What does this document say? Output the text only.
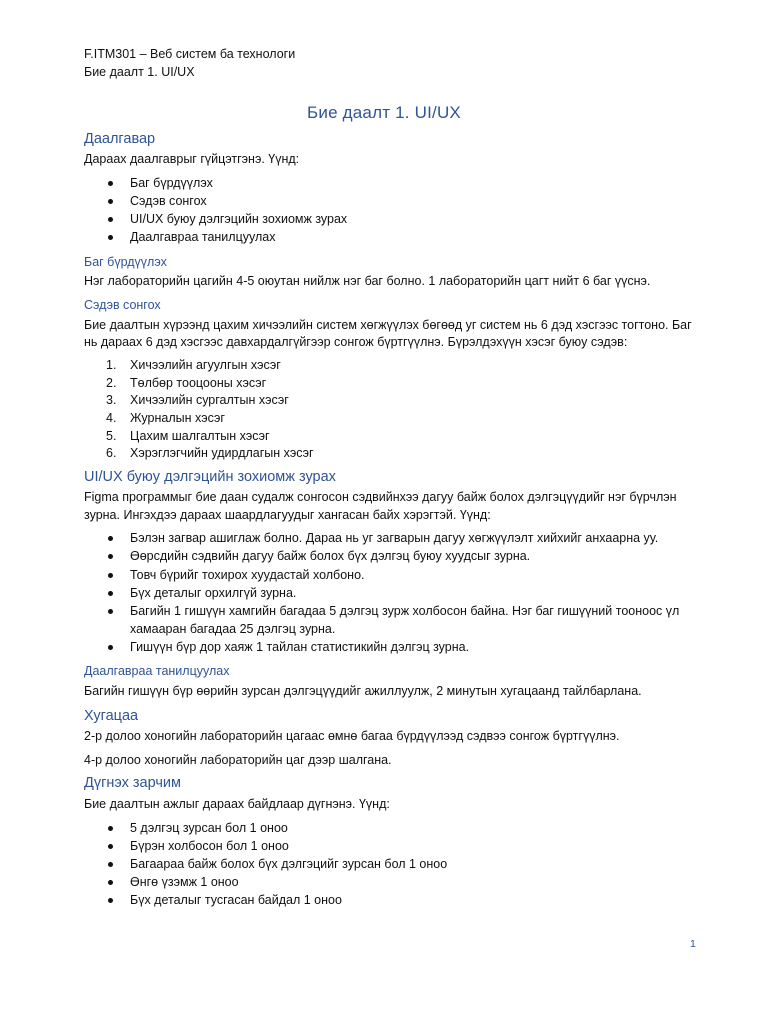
F.ITM301 – Веб систем ба технологи
Бие даалт 1. UI/UX
Бие даалт 1. UI/UX
Даалгавар
Дараах даалгаврыг гүйцэтгэнэ. Үүнд:
Баг бүрдүүлэх
Сэдэв сонгох
UI/UX буюу дэлгэцийн зохиомж зурах
Даалгавраа танилцуулах
Баг бүрдүүлэх
Нэг лабораторийн цагийн 4-5 оюутан нийлж нэг баг болно. 1 лабораторийн цагт нийт 6 баг үүснэ.
Сэдэв сонгох
Бие даалтын хүрээнд цахим хичээлийн систем хөгжүүлэх бөгөөд уг систем нь 6 дэд хэсгээс тогтоно. Баг
нь дараах 6 дэд хэсгээс давхардалгүйгээр сонгож бүртгүүлнэ. Бүрэлдэхүүн хэсэг буюу сэдэв:
1. Хичээлийн агуулгын хэсэг
2. Төлбөр тооцооны хэсэг
3. Хичээлийн сургалтын хэсэг
4. Журналын хэсэг
5. Цахим шалгалтын хэсэг
6. Хэрэглэгчийн удирдлагын хэсэг
UI/UX буюу дэлгэцийн зохиомж зурах
Figma программыг бие даан судалж сонгосон сэдвийнхээ дагуу байж болох дэлгэцүүдийг нэг бүрчлэн
зурна. Ингэхдээ дараах шаардлагуудыг хангасан байх хэрэгтэй. Үүнд:
Бэлэн загвар ашиглаж болно. Дараа нь уг загварын дагуу хөгжүүлэлт хийхийг анхаарна уу.
Өөрсдийн сэдвийн дагуу байж болох бүх дэлгэц буюу хуудсыг зурна.
Товч бүрийг тохирох хуудастай холбоно.
Бүх деталыг орхилгүй зурна.
Багийн 1 гишүүн хамгийн багадаа 5 дэлгэц зурж холбосон байна. Нэг баг гишүүний тооноос үл
хамааран багадаа 25 дэлгэц зурна.
Гишүүн бүр дор хаяж 1 тайлан статистикийн дэлгэц зурна.
Даалгавраа танилцуулах
Багийн гишүүн бүр өөрийн зурсан дэлгэцүүдийг ажиллуулж, 2 минутын хугацаанд тайлбарлана.
Хугацаа
2-р долоо хоногийн лабораторийн цагаас өмнө багаа бүрдүүлээд сэдвээ сонгож бүртгүүлнэ.
4-р долоо хоногийн лабораторийн цаг дээр шалгана.
Дүгнэх зарчим
Бие даалтын ажлыг дараах байдлаар дүгнэнэ. Үүнд:
5 дэлгэц зурсан бол 1 оноо
Бүрэн холбосон бол 1 оноо
Багаараа байж болох бүх дэлгэцийг зурсан бол 1 оноо
Өнгө үзэмж 1 оноо
Бүх деталыг тусгасан байдал 1 оноо
1
